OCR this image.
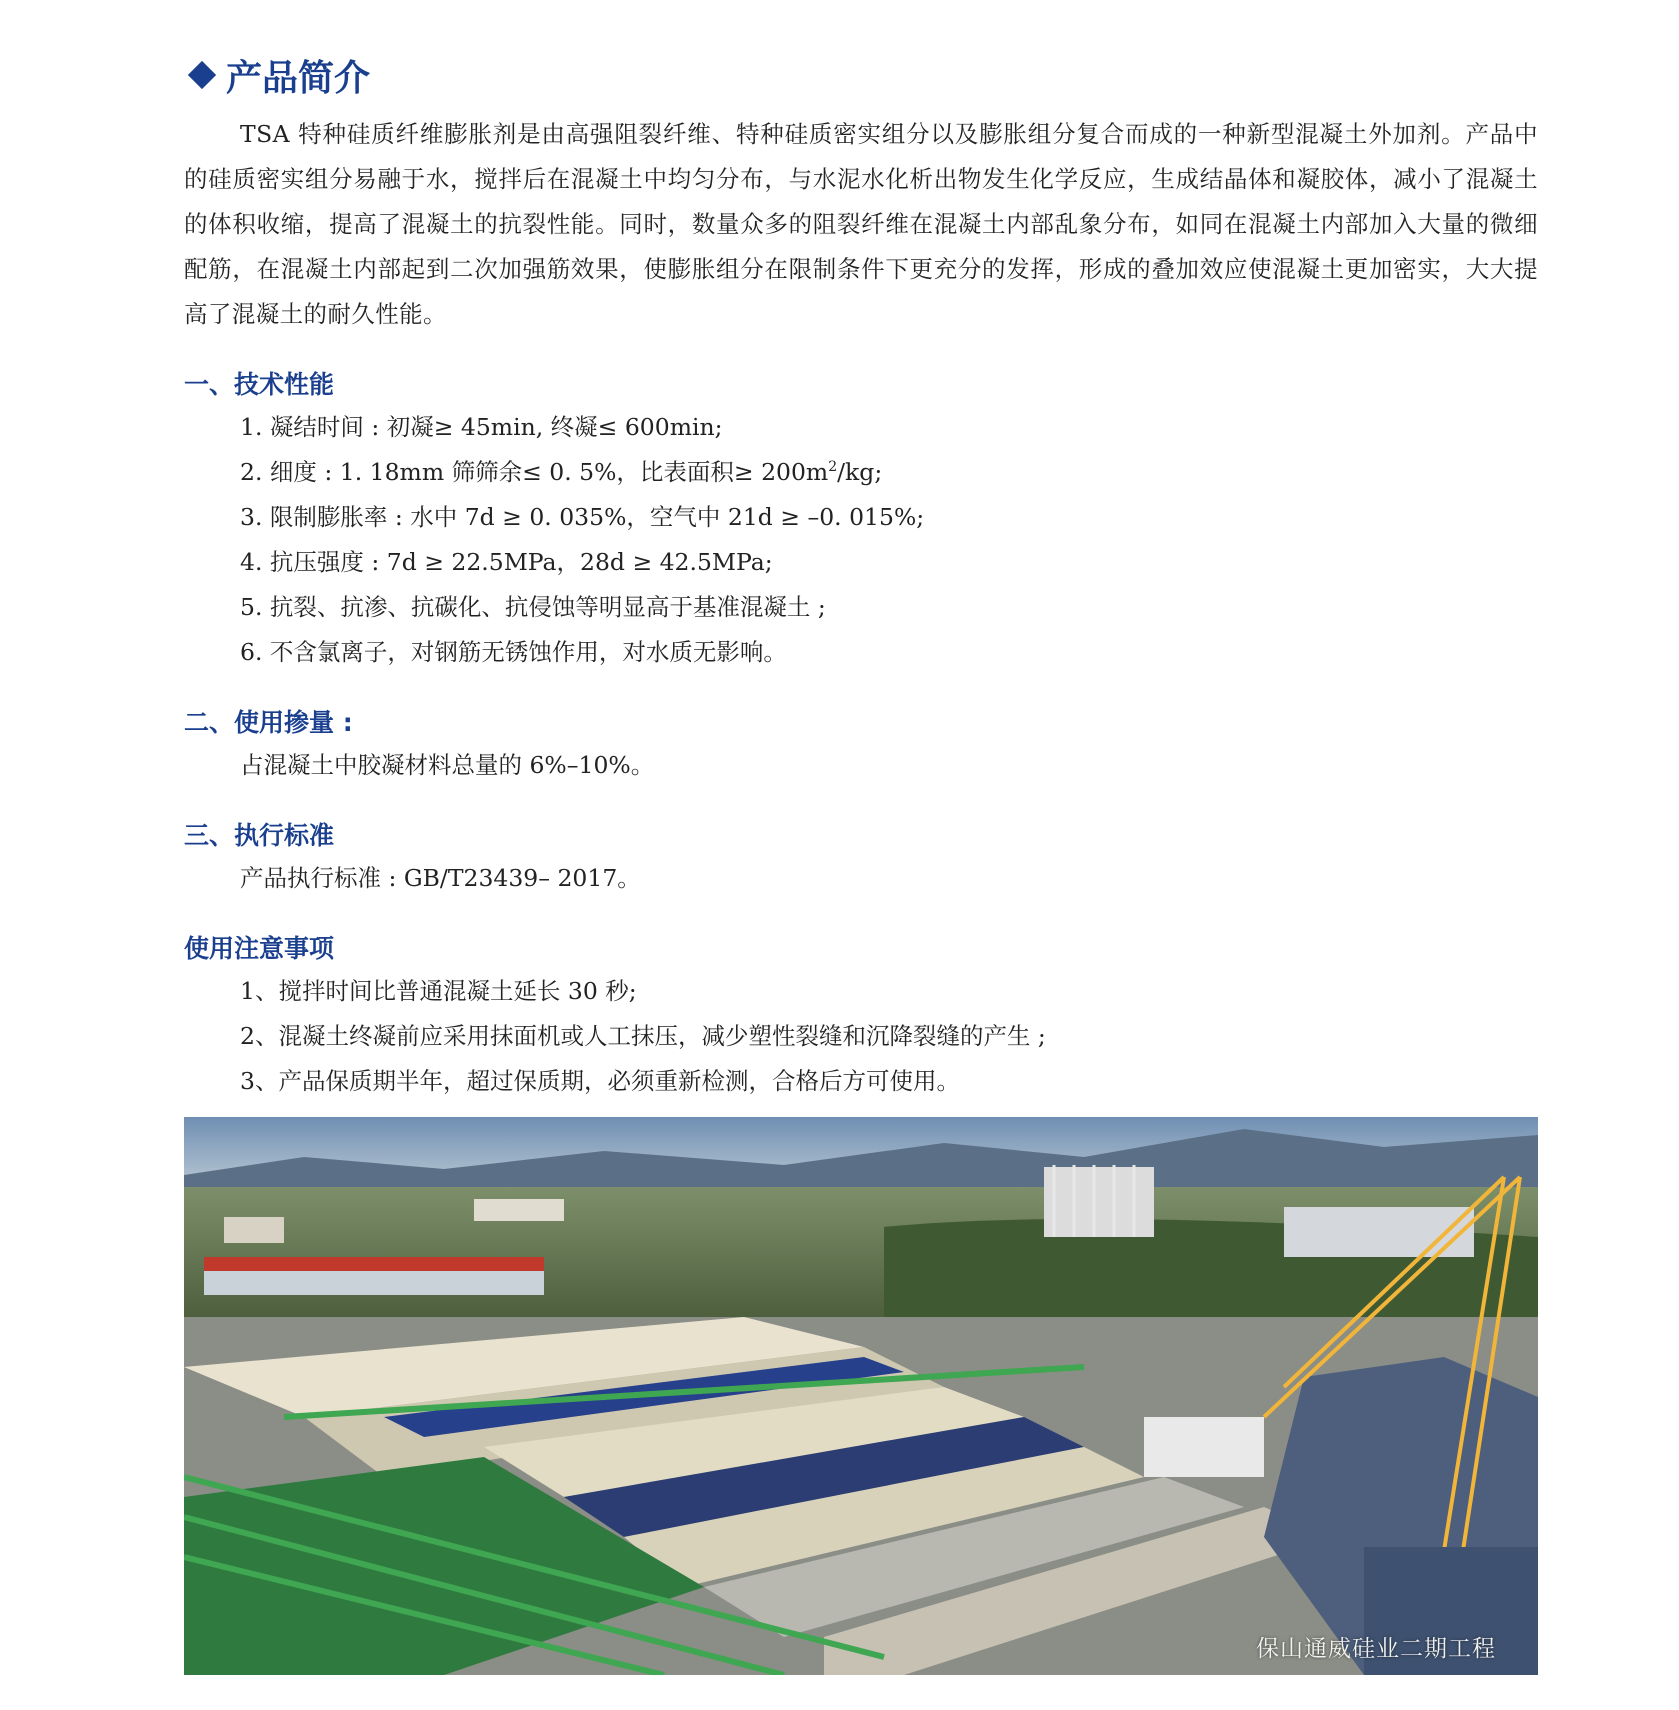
产品简介

TSA 特种硅质纤维膨胀剂是由高强阻裂纤维、特种硅质密实组分以及膨胀组分复合而成的一种新型混凝土外加剂。产品中的硅质密实组分易融于水，搅拌后在混凝土中均匀分布，与水泥水化析出物发生化学反应，生成结晶体和凝胶体，减小了混凝土的体积收缩，提高了混凝土的抗裂性能。同时，数量众多的阻裂纤维在混凝土内部乱象分布，如同在混凝土内部加入大量的微细配筋，在混凝土内部起到二次加强筋效果，使膨胀组分在限制条件下更充分的发挥，形成的叠加效应使混凝土更加密实，大大提高了混凝土的耐久性能。

一、技术性能
1. 凝结时间 : 初凝≥ 45min, 终凝≤ 600min;
2. 细度 : 1. 18mm 筛筛余≤ 0. 5%，比表面积≥ $200m^2/kg$;
3. 限制膨胀率 : 水中 7d ≥ 0. 035%，空气中 21d ≥ –0. 015%;
4. 抗压强度 : 7d ≥ 22.5MPa，28d ≥ 42.5MPa;
5. 抗裂、抗渗、抗碳化、抗侵蚀等明显高于基准混凝土 ;
6. 不含氯离子，对钢筋无锈蚀作用，对水质无影响。
二、使用掺量 :

占混凝土中胶凝材料总量的 6%–10%。

三、执行标准

产品执行标准 : GB/T23439– 2017。

使用注意事项
1、搅拌时间比普通混凝土延长 30 秒;
2、混凝土终凝前应采用抹面机或人工抹压，减少塑性裂缝和沉降裂缝的产生 ;
3、产品保质期半年，超过保质期，必须重新检测，合格后方可使用。
保山通威硅业二期工程
